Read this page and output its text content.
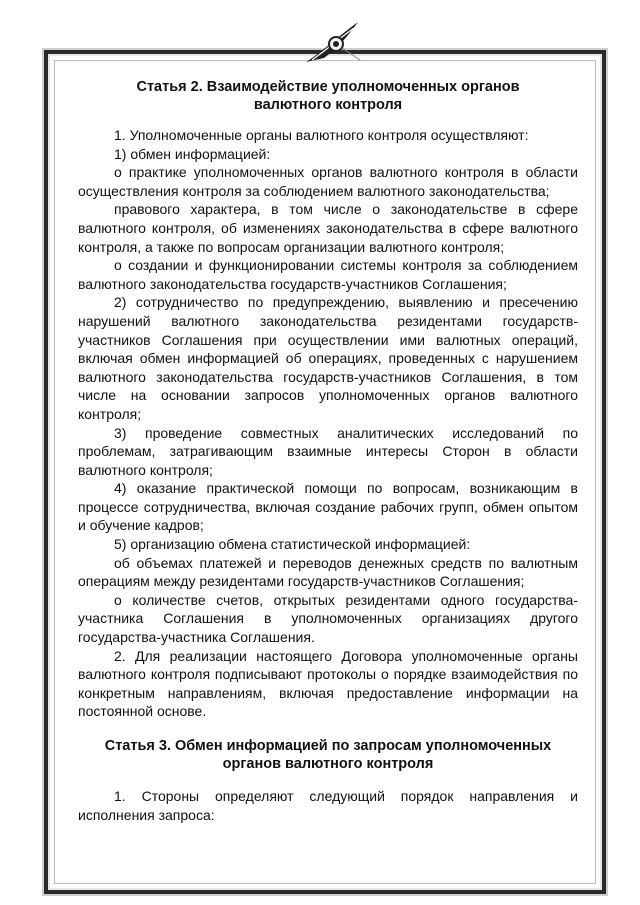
Статья 2. Взаимодействие уполномоченных органов
валютного контроля

1. Уполномоченные органы валютного контроля осуществляют:

1) обмен информацией:

о практике уполномоченных органов валютного контроля в области осуществления контроля за соблюдением валютного законодательства;

правового характера, в том числе о законодательстве в сфере валютного контроля, об изменениях законодательства в сфере валютного контроля, а также по вопросам организации валютного контроля;

о создании и функционировании системы контроля за соблюдением валютного законодательства государств-участников Соглашения;

2) сотрудничество по предупреждению, выявлению и пресечению нарушений валютного законодательства резидентами государств-участников Соглашения при осуществлении ими валютных операций, включая обмен информацией об операциях, проведенных с нарушением валютного законодательства государств-участников Соглашения, в том числе на основании запросов уполномоченных органов валютного контроля;

3) проведение совместных аналитических исследований по проблемам, затрагивающим взаимные интересы Сторон в области валютного контроля;

4) оказание практической помощи по вопросам, возникающим в процессе сотрудничества, включая создание рабочих групп, обмен опытом и обучение кадров;

5) организацию обмена статистической информацией:

об объемах платежей и переводов денежных средств по валютным операциям между резидентами государств-участников Соглашения;

о количестве счетов, открытых резидентами одного государства-участника Соглашения в уполномоченных организациях другого государства-участника Соглашения.

2. Для реализации настоящего Договора уполномоченные органы валютного контроля подписывают протоколы о порядке взаимодействия по конкретным направлениям, включая предоставление информации на постоянной основе.

Статья 3. Обмен информацией по запросам уполномоченных
органов валютного контроля

1. Стороны определяют следующий порядок направления и исполнения запроса:
